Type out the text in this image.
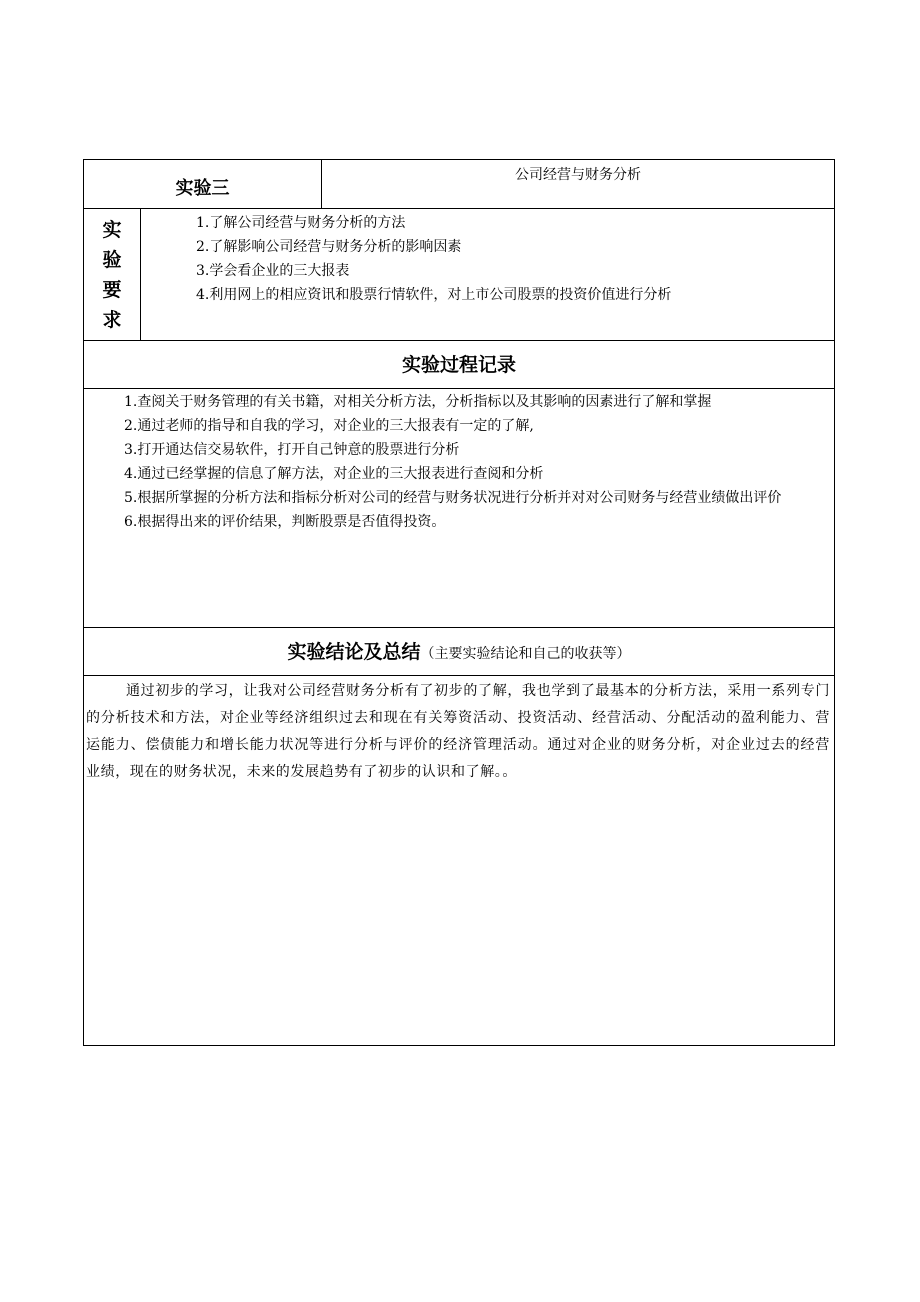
实验三
公司经营与财务分析
实
验
要
求
1.了解公司经营与财务分析的方法
2.了解影响公司经营与财务分析的影响因素
3.学会看企业的三大报表
4.利用网上的相应资讯和股票行情软件，对上市公司股票的投资价值进行分析
实验过程记录

1.查阅关于财务管理的有关书籍，对相关分析方法，分析指标以及其影响的因素进行了解和掌握

2.通过老师的指导和自我的学习，对企业的三大报表有一定的了解,

3.打开通达信交易软件，打开自己钟意的股票进行分析

4.通过已经掌握的信息了解方法，对企业的三大报表进行查阅和分析

5.根据所掌握的分析方法和指标分析对公司的经营与财务状况进行分析并对对公司财务与经营业绩做出评价

6.根据得出来的评价结果，判断股票是否值得投资。

实验结论及总结（主要实验结论和自己的收获等）

通过初步的学习，让我对公司经营财务分析有了初步的了解，我也学到了最基本的分析方法，采用一系列专门的分析技术和方法，对企业等经济组织过去和现在有关筹资活动、投资活动、经营活动、分配活动的盈利能力、营运能力、偿债能力和增长能力状况等进行分析与评价的经济管理活动。通过对企业的财务分析，对企业过去的经营业绩，现在的财务状况，未来的发展趋势有了初步的认识和了解。。
